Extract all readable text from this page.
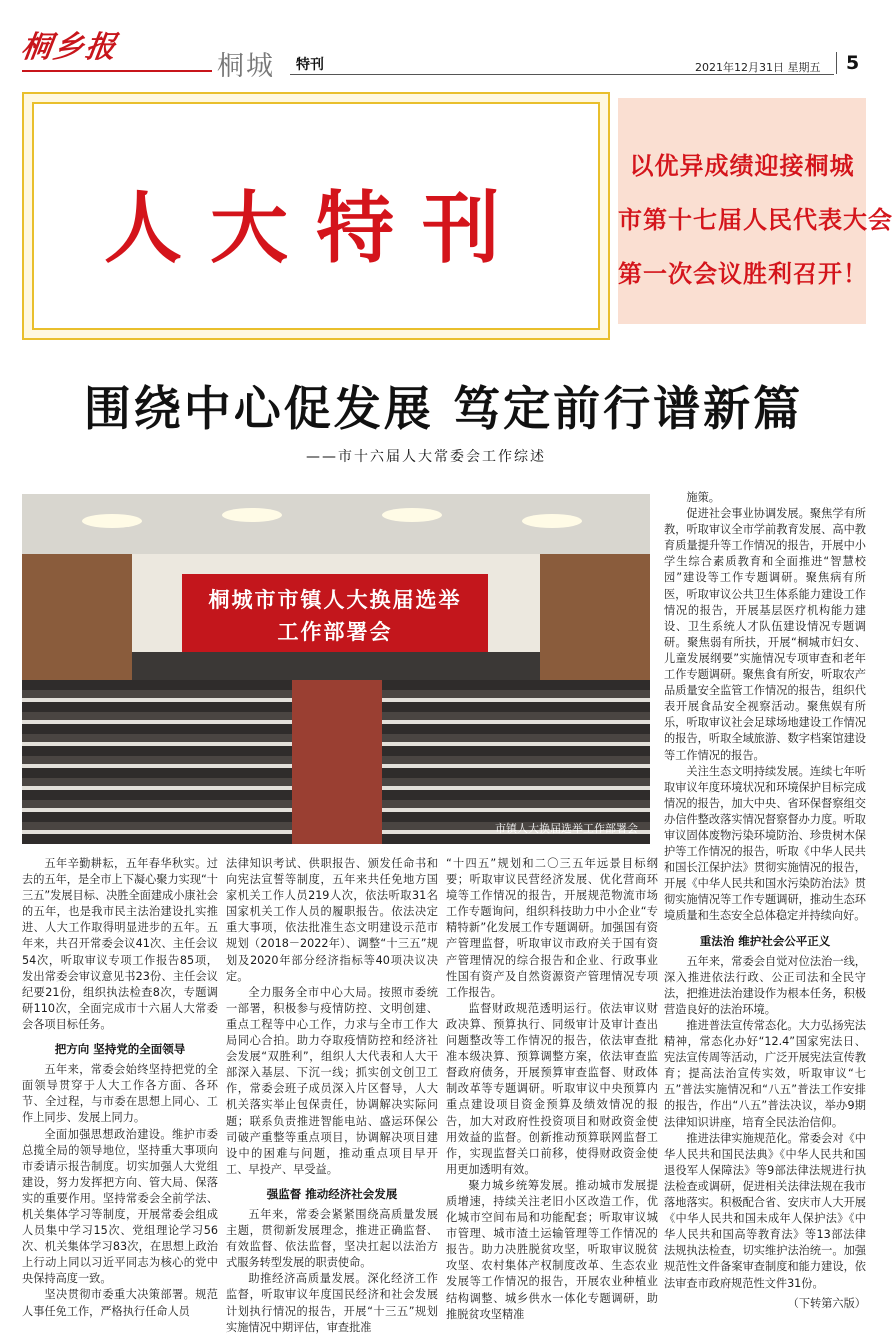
桐乡报
桐城 特刊	2021年12月31日 星期五 5
人大特刊
以优异成绩迎接桐城
市第十七届人民代表大会
第一次会议胜利召开！
围绕中心促发展 笃定前行谱新篇
——市十六届人大常委会工作综述
桐城市市镇人大换届选举
工作部署会
市镇人大换届选举工作部署会

五年辛勤耕耘，五年春华秋实。过去的五年，是全市上下凝心聚力实现“十三五”发展目标、决胜全面建成小康社会的五年，也是我市民主法治建设扎实推进、人大工作取得明显进步的五年。五年来，共召开常委会议41次、主任会议54次，听取审议专项工作报告85项，发出常委会审议意见书23份、主任会议纪要21份，组织执法检查8次，专题调研110次，全面完成市十六届人大常委会各项目标任务。

把方向 坚持党的全面领导

五年来，常委会始终坚持把党的全面领导贯穿于人大工作各方面、各环节、全过程，与市委在思想上同心、工作上同步、发展上同力。

全面加强思想政治建设。维护市委总揽全局的领导地位，坚持重大事项向市委请示报告制度。切实加强人大党组建设，努力发挥把方向、管大局、保落实的重要作用。坚持常委会全前学法、机关集体学习等制度，开展常委会组成人员集中学习15次、党组理论学习56次、机关集体学习83次，在思想上政治上行动上同以习近平同志为核心的党中央保持高度一致。

坚决贯彻市委重大决策部署。规范人事任免工作，严格执行任命人员

法律知识考试、供职报告、颁发任命书和向宪法宣誓等制度，五年来共任免地方国家机关工作人员219人次，依法听取31名国家机关工作人员的履职报告。依法决定重大事项，依法批准生态文明建设示范市规划（2018－2022年）、调整“十三五”规划及2020年部分经济指标等40项决议决定。

全力服务全市中心大局。按照市委统一部署，积极参与疫情防控、文明创建、重点工程等中心工作，力求与全市工作大局同心合拍。助力夺取疫情防控和经济社会发展“双胜利”，组织人大代表和人大干部深入基层、下沉一线；抓实创文创卫工作，常委会班子成员深入片区督导，人大机关落实举止包保责任，协调解决实际问题；联系负责推进智能电站、盛运环保公司破产重整等重点项目，协调解决项目建设中的困难与问题，推动重点项目早开工、早投产、早受益。

强监督 推动经济社会发展

五年来，常委会紧紧围绕高质量发展主题，贯彻新发展理念，推进正确监督、有效监督、依法监督，坚决扛起以法治方式服务转型发展的职责使命。

助推经济高质量发展。深化经济工作监督，听取审议年度国民经济和社会发展计划执行情况的报告，开展“十三五”规划实施情况中期评估，审查批准

“十四五”规划和二〇三五年远景目标纲要；听取审议民营经济发展、优化营商环境等工作情况的报告，开展规范物流市场工作专题询问，组织科技助力中小企业“专精特新”化发展工作专题调研。加强国有资产管理监督，听取审议市政府关于国有资产管理情况的综合报告和企业、行政事业性国有资产及自然资源资产管理情况专项工作报告。

监督财政规范透明运行。依法审议财政决算、预算执行、同级审计及审计查出问题整改等工作情况的报告，依法审查批准本级决算、预算调整方案，依法审查监督政府债务，开展预算审查监督、财政体制改革等专题调研。听取审议中央预算内重点建设项目资金预算及绩效情况的报告，加大对政府性投资项目和财政资金使用效益的监督。创新推动预算联网监督工作，实现监督关口前移，使得财政资金使用更加透明有效。

聚力城乡统筹发展。推动城市发展提质增速，持续关注老旧小区改造工作，优化城市空间布局和功能配套；听取审议城市管理、城市渣土运输管理等工作情况的报告。助力决胜脱贫攻坚，听取审议脱贫攻坚、农村集体产权制度改革、生态农业发展等工作情况的报告，开展农业种植业结构调整、城乡供水一体化专题调研，助推脱贫攻坚精准

施策。

促进社会事业协调发展。聚焦学有所教，听取审议全市学前教育发展、高中教育质量提升等工作情况的报告，开展中小学生综合素质教育和全面推进“智慧校园”建设等工作专题调研。聚焦病有所医，听取审议公共卫生体系能力建设工作情况的报告，开展基层医疗机构能力建设、卫生系统人才队伍建设情况专题调研。聚焦弱有所扶，开展“桐城市妇女、儿童发展纲要”实施情况专项审查和老年工作专题调研。聚焦食有所安，听取农产品质量安全监管工作情况的报告，组织代表开展食品安全视察活动。聚焦娱有所乐，听取审议社会足球场地建设工作情况的报告，听取全域旅游、数字档案馆建设等工作情况的报告。

关注生态文明持续发展。连续七年听取审议年度环境状况和环境保护目标完成情况的报告，加大中央、省环保督察组交办信件整改落实情况督察督办力度。听取审议固体废物污染环境防治、珍贵树木保护等工作情况的报告，听取《中华人民共和国长江保护法》贯彻实施情况的报告，开展《中华人民共和国水污染防治法》贯彻实施情况等工作专题调研，推动生态环境质量和生态安全总体稳定并持续向好。

重法治 维护社会公平正义

五年来，常委会自觉对位法治一线，深入推进依法行政、公正司法和全民守法，把推进法治建设作为根本任务，积极营造良好的法治环境。

推进普法宣传常态化。大力弘扬宪法精神，常态化办好“12.4”国家宪法日、宪法宣传周等活动，广泛开展宪法宣传教育；提高法治宣传实效，听取审议“七五”普法实施情况和“八五”普法工作安排的报告，作出“八五”普法决议，举办9期法律知识讲座，培育全民法治信仰。

推进法律实施规范化。常委会对《中华人民共和国民法典》《中华人民共和国退役军人保障法》等9部法律法规进行执法检查或调研，促进相关法律法规在我市落地落实。积极配合省、安庆市人大开展《中华人民共和国未成年人保护法》《中华人民共和国高等教育法》等13部法律法规执法检查，切实维护法治统一。加强规范性文件备案审查制度和能力建设，依法审查市政府规范性文件31份。

（下转第六版）
